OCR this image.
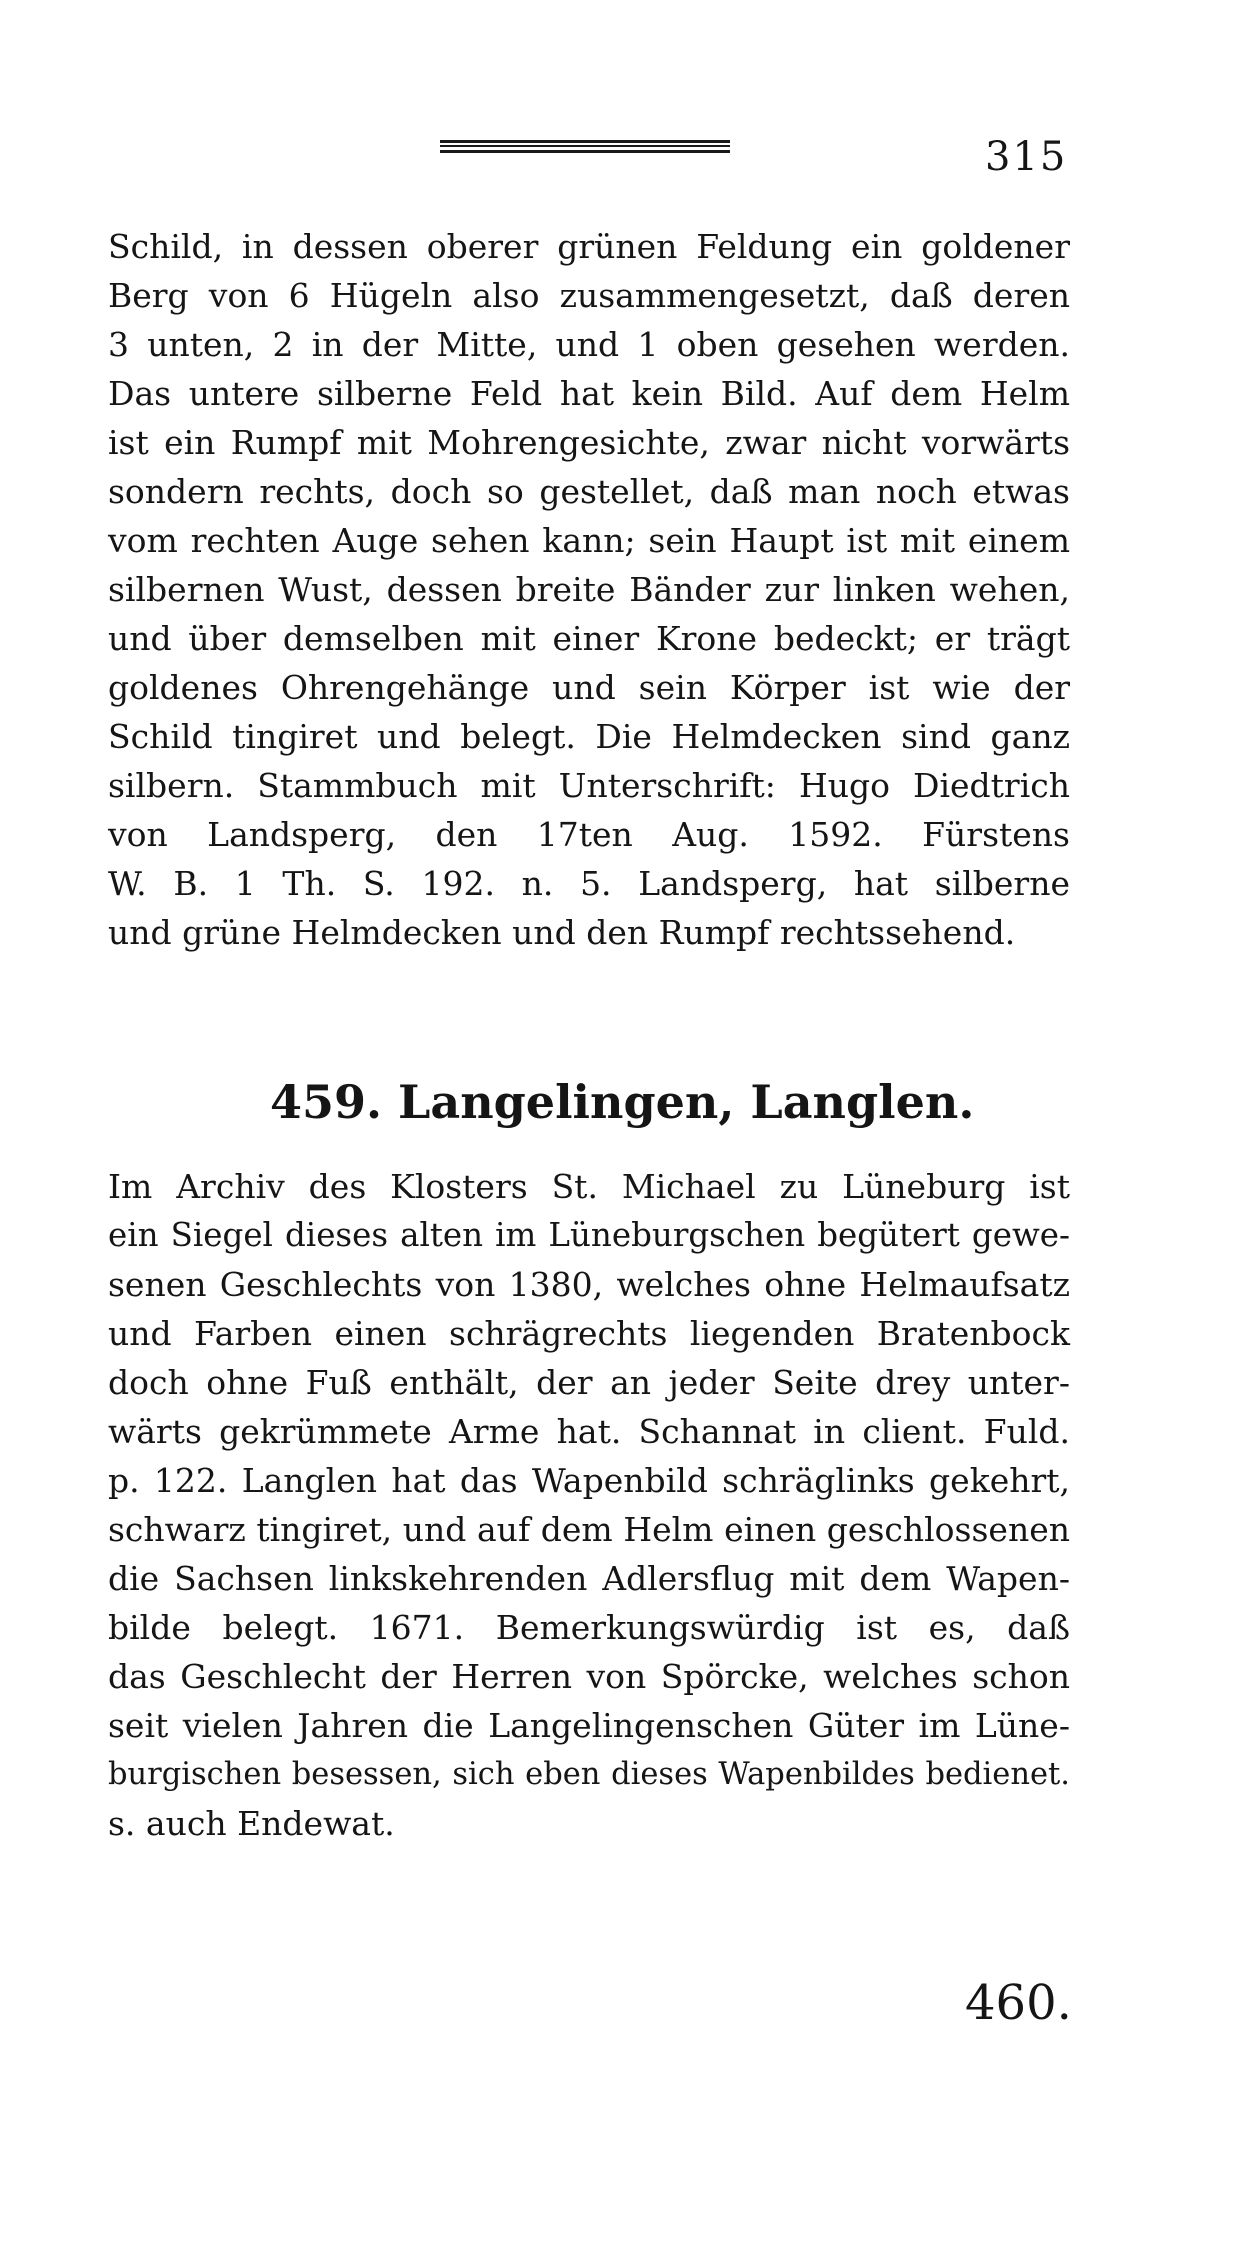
315
Schild, in dessen oberer grünen Feldung ein goldener
Berg von 6 Hügeln also zusammengesetzt, daß deren
3 unten, 2 in der Mitte, und 1 oben gesehen werden.
Das untere silberne Feld hat kein Bild. Auf dem Helm
ist ein Rumpf mit Mohrengesichte, zwar nicht vorwärts
sondern rechts, doch so gestellet, daß man noch etwas
vom rechten Auge sehen kann; sein Haupt ist mit einem
silbernen Wust, dessen breite Bänder zur linken wehen,
und über demselben mit einer Krone bedeckt; er trägt
goldenes Ohrengehänge und sein Körper ist wie der
Schild tingiret und belegt. Die Helmdecken sind ganz
silbern. Stammbuch mit Unterschrift: Hugo Diedtrich
von Landsperg, den 17ten Aug. 1592. Fürstens
W. B. 1 Th. S. 192. n. 5. Landsperg, hat silberne
und grüne Helmdecken und den Rumpf rechtssehend.
459. Langelingen, Langlen.
Im Archiv des Klosters St. Michael zu Lüneburg ist
ein Siegel dieses alten im Lüneburgschen begütert gewe-
senen Geschlechts von 1380, welches ohne Helmaufsatz
und Farben einen schrägrechts liegenden Bratenbock
doch ohne Fuß enthält, der an jeder Seite drey unter-
wärts gekrümmete Arme hat. Schannat in client. Fuld.
p. 122. Langlen hat das Wapenbild schräglinks gekehrt,
schwarz tingiret, und auf dem Helm einen geschlossenen
die Sachsen linkskehrenden Adlersflug mit dem Wapen-
bilde belegt. 1671. Bemerkungswürdig ist es, daß
das Geschlecht der Herren von Spörcke, welches schon
seit vielen Jahren die Langelingenschen Güter im Lüne-
burgischen besessen, sich eben dieses Wapenbildes bedienet.
s. auch Endewat.
460.
